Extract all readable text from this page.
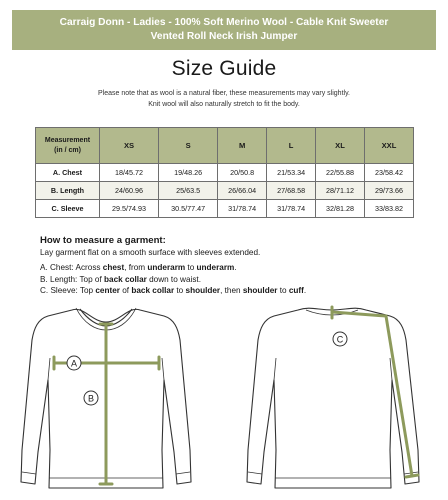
Carraig Donn - Ladies - 100% Soft Merino Wool - Cable Knit Sweeter
Vented Roll Neck Irish Jumper
Size Guide
Please note that as wool is a natural fiber, these measurements may vary slightly.
Knit wool will also naturally stretch to fit the body.
Measurement
(in / cm)	XS	S	M	L	XL	XXL
A. Chest	18/45.72	19/48.26	20/50.8	21/53.34	22/55.88	23/58.42
B. Length	24/60.96	25/63.5	26/66.04	27/68.58	28/71.12	29/73.66
C. Sleeve	29.5/74.93	30.5/77.47	31/78.74	31/78.74	32/81.28	33/83.82
How to measure a garment:
Lay garment flat on a smooth surface with sleeves extended.
A. Chest: Across chest, from underarm to underarm.
B. Length: Top of back collar down to waist.
C. Sleeve: Top center of back collar to shoulder, then shoulder to cuff.
A
B
C
